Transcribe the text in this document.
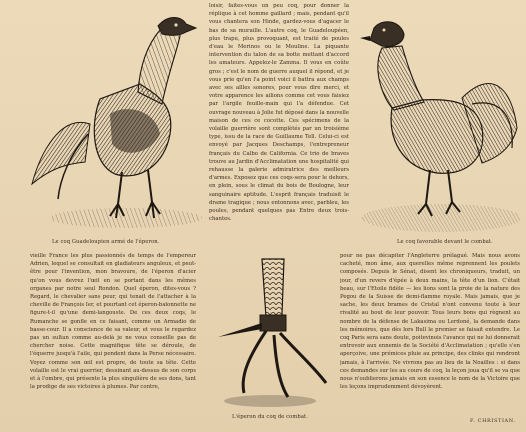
Le coq Guadeloupien armé de l'éperon.	Le coq favorable devant le combat.

loisir, faites-vous un peu coq, pour donner la réplique à cet homme gaillard ; mais, pendant qu'il vous chantera son Hinde, gardez-vous d'agacer le bas de sa muraille. L'autre coq, le Guadeloupéen, plus trapu, plus provoquant, est traité de poules d'eau le Merinos ou le Mouline. La piquante intervention du talon de sa botte mettant d'accord les amateurs. Appelez-le Zamma. Il vous en coûte gros ; c'est le nom de guerre auquel il répond, et je vous prie qu'en l'a point voici il battra aux champs avec ses aïlles sonores, pour vous dire merci, et votre apparence les ailions comme cet vous faisiez par l'argile feuille-main qui l'a défendue. Cet ouvrage nouveau à Jolie fut déposé dans la nouvelle maison de ces ce cocotte. Ces spécimens de la volaille guerrière sont complètés par un troisième type, issu de la race de Guillaume Tell. Celui-ci est envoyé par Jacques Deschamps, l'entrepreneur français du Calbo de California. Ce trio de braves trouve au Jardin d'Acclimatation une hospitalité qui rehausse la galerie admiratrice des meilleurs d'armes. Exposez que ces coqs-sera pour le dehors, en plein, sous le climat du bois de Boulogne, leur sanguinaire aptitude. L'esprit français traduisit le drame tragique ; nous entonnons avec, parbleu, les poules, pendant quelques pas Entre deux trois-chantes.

vieille France les plus passionnés de temps de l'empereur Adrien, lequel se consultait en gladiateurs anguleux, et peut-être pour l'invention, mon bravoure, de l'éperon d'acier qu'on vous devrez l'œil en se portant dans les mêmes organes par notre seul Rondon. Quel éperon, dites-vous ? Regard, le chevalier sans peur, qui tenait de l'attacher à la cheville de François Ier, et pourtant cet éperon-baïonnette ne figure-t-il qu'une demi-langouste. De ces deux coqs, le Rumanche se gonfle en ce faisant, comme un Armadio de basse-cour. Il a conscience de sa valeur, et vous le regardez pas un sultan comme au-delà je ne vous conseille pas de chercher noise. Cette magnifique tête se déroule, de l'équerre jusqu'à l'aile, qui pendent dans la Perse nécessaire. Voyez comme son œil est propre, de toute sa tête. Cette volaille est le vrai guerrier, dessinant au-dessus de son corps et à l'ombre, qui présente la plus singulière de ses dons, tant la prodige de ses victoires à plumes. Par contre,

L'éperon du coq de combat.

pour ne pas décapiter l'Angleterre prélagué. Mais nous avons cacheté, mon âme, aux querelles même reprennent les poulets composés. Depuis le Sénat, disent les chroniqueurs, traduit, un jour, d'un revers d'épée à deux mains, la tête d'un lion. C'était beau, sur l'Etoile fidèle — les lions sont la proie de la nature des Pegou de la Suisse de demi-flamme royale. Mais jamais, que je sache, les deux brames de Cristal n'ont convenu toute à leur rivalité au bout de leur pouvoir. Tous leurs bons qui règnent au nombre de la défense de Lakasima ou Lerdoné, la demande dans les mémoires, que dès lors Bull le premier se faisait entendre. Le coq Paris sera sans doute, poitevinois l'avance qui ne lui donnerait entrevoir aux ennemis de la Société d'Acclimatation ; qu'elle s'en aperçoive, une prémices pluie au principe, des clinks qui rendront jamais, à l'arrivée. Ne vivrons pas au lieu de la Noailles : si dans ces demandes sur les au cours de coq, la leçon joua qu'il se va que nous n'oublierons jamais en son essence le nom de la Victoire que les leçons imprudemment dévoyèrent.

F. CHRISTIAN.
